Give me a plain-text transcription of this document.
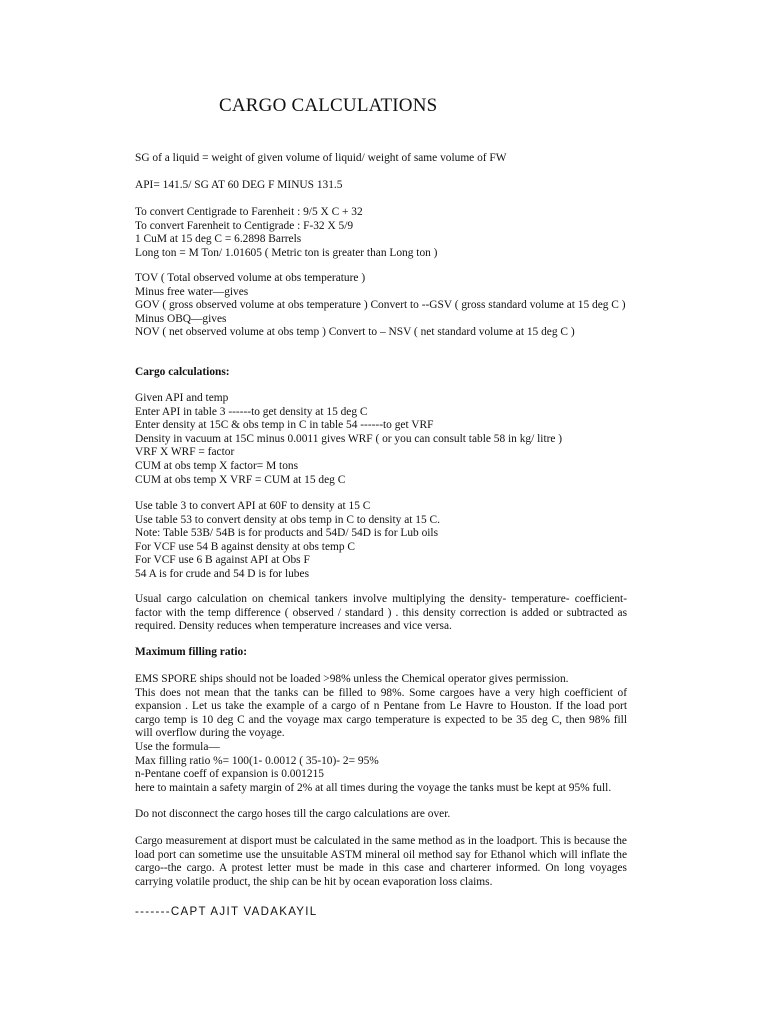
CARGO CALCULATIONS

SG of a liquid = weight of given volume of liquid/ weight of same volume of FW

API= 141.5/ SG AT 60 DEG F MINUS 131.5

To convert Centigrade to Farenheit : 9/5 X C + 32
To convert Farenheit to Centigrade : F-32 X 5/9
1 CuM at 15 deg C = 6.2898 Barrels
Long ton = M Ton/ 1.01605 ( Metric ton is greater than Long ton )
TOV ( Total observed volume at obs temperature )
Minus free water—gives
GOV ( gross observed volume at obs temperature ) Convert to --GSV ( gross standard volume at 15 deg C )
Minus OBQ—gives
NOV ( net observed volume at obs temp ) Convert to – NSV ( net standard volume at 15 deg C )

Cargo calculations:

Given API and temp
Enter API in table 3 ------to get density at 15 deg C
Enter density at 15C & obs temp in C in table 54 ------to get VRF
Density in vacuum at 15C minus 0.0011 gives WRF ( or you can consult table 58 in kg/ litre )
VRF X WRF = factor
CUM at obs temp X factor= M tons
CUM at obs temp X VRF = CUM at 15 deg C
Use table 3 to convert API at 60F to density at 15 C
Use table 53 to convert density at obs temp in C to density at 15 C.
Note: Table 53B/ 54B is for products and 54D/ 54D is for Lub oils
For VCF use 54 B against density at obs temp C
For VCF use 6 B against API at Obs F
54 A is for crude and 54 D is for lubes

Usual cargo calculation on chemical tankers involve multiplying the density- temperature- coefficient- factor with the temp difference ( observed / standard ) . this density correction is added or subtracted as required. Density reduces when temperature increases and vice versa.

Maximum filling ratio:

EMS SPORE ships should not be loaded >98% unless the Chemical operator gives permission.
This does not mean that the tanks can be filled to 98%. Some cargoes have a very high coefficient of expansion . Let us take the example of a cargo of n Pentane from Le Havre to Houston. If the load port cargo temp is 10 deg C and the voyage max cargo temperature is expected to be 35 deg C, then 98% fill will overflow during the voyage.
Use the formula—
Max filling ratio %= 100(1- 0.0012 ( 35-10)- 2= 95%
n-Pentane coeff of expansion is 0.001215
here to maintain a safety margin of 2% at all times during the voyage the tanks must be kept at 95% full.

Do not disconnect the cargo hoses till the cargo calculations are over.

Cargo measurement at disport must be calculated in the same method as in the loadport. This is because the load port can sometime use the unsuitable ASTM mineral oil method say for Ethanol which will inflate the cargo--the cargo. A protest letter must be made in this case and charterer informed. On long voyages carrying volatile product, the ship can be hit by ocean evaporation loss claims.

-------CAPT AJIT VADAKAYIL
